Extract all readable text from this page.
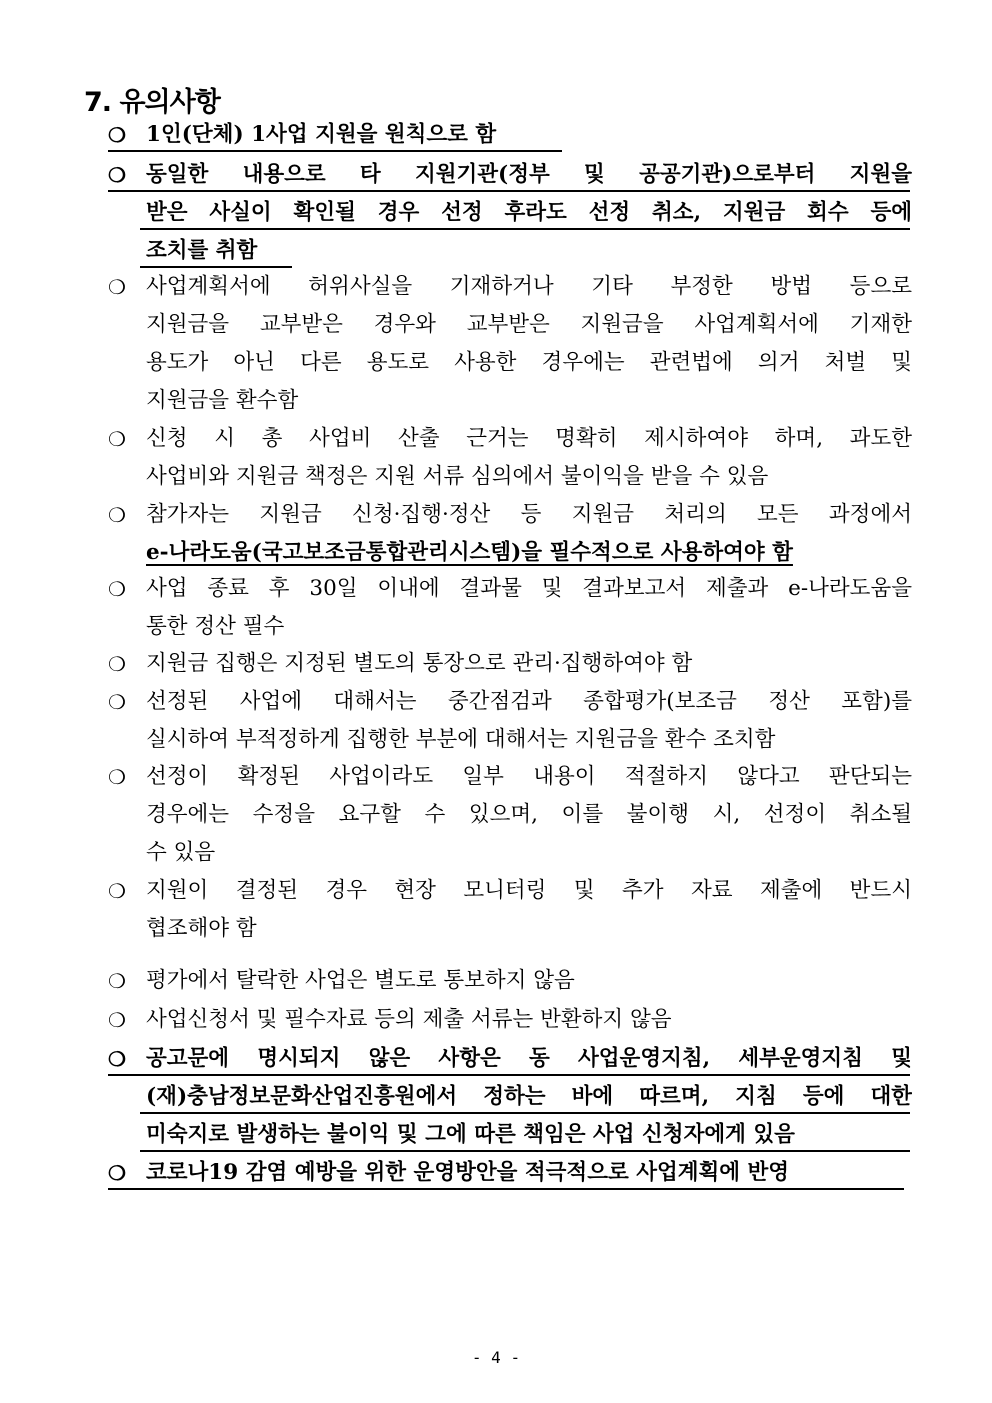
7. 유의사항
❍ 1인(단체) 1사업 지원을 원칙으로 함
❍ 동일한 내용으로 타 지원기관(정부 및 공공기관)으로부터 지원을
받은 사실이 확인될 경우 선정 후라도 선정 취소, 지원금 회수 등에
조치를 취함
❍ 사업계획서에 허위사실을 기재하거나 기타 부정한 방법 등으로
지원금을 교부받은 경우와 교부받은 지원금을 사업계획서에 기재한
용도가 아닌 다른 용도로 사용한 경우에는 관련법에 의거 처벌 및
지원금을 환수함
❍ 신청 시 총 사업비 산출 근거는 명확히 제시하여야 하며, 과도한
사업비와 지원금 책정은 지원 서류 심의에서 불이익을 받을 수 있음
❍ 참가자는 지원금 신청·집행·정산 등 지원금 처리의 모든 과정에서
e-나라도움(국고보조금통합관리시스템)을 필수적으로 사용하여야 함
❍ 사업 종료 후 30일 이내에 결과물 및 결과보고서 제출과 e-나라도움을
통한 정산 필수
❍ 지원금 집행은 지정된 별도의 통장으로 관리·집행하여야 함
❍ 선정된 사업에 대해서는 중간점검과 종합평가(보조금 정산 포함)를
실시하여 부적정하게 집행한 부분에 대해서는 지원금을 환수 조치함
❍ 선정이 확정된 사업이라도 일부 내용이 적절하지 않다고 판단되는
경우에는 수정을 요구할 수 있으며, 이를 불이행 시, 선정이 취소될
수 있음
❍ 지원이 결정된 경우 현장 모니터링 및 추가 자료 제출에 반드시
협조해야 함
❍ 평가에서 탈락한 사업은 별도로 통보하지 않음
❍ 사업신청서 및 필수자료 등의 제출 서류는 반환하지 않음
❍ 공고문에 명시되지 않은 사항은 동 사업운영지침, 세부운영지침 및
(재)충남정보문화산업진흥원에서 정하는 바에 따르며, 지침 등에 대한
미숙지로 발생하는 불이익 및 그에 따른 책임은 사업 신청자에게 있음
❍ 코로나19 감염 예방을 위한 운영방안을 적극적으로 사업계획에 반영
- 4 -
